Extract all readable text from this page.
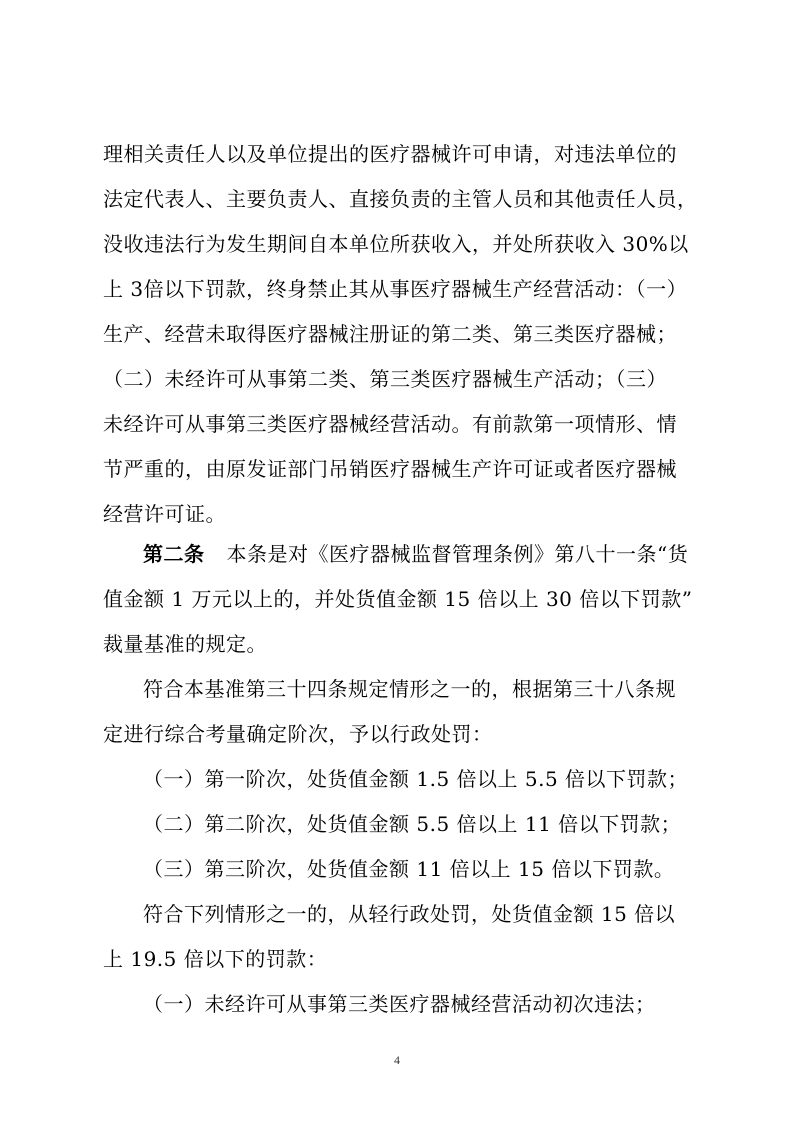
理相关责任人以及单位提出的医疗器械许可申请，对违法单位的
法定代表人、主要负责人、直接负责的主管人员和其他责任人员，
没收违法行为发生期间自本单位所获收入，并处所获收入 30%以
上 3倍以下罚款，终身禁止其从事医疗器械生产经营活动：（一）
生产、经营未取得医疗器械注册证的第二类、第三类医疗器械；
（二）未经许可从事第二类、第三类医疗器械生产活动；（三）
未经许可从事第三类医疗器械经营活动。有前款第一项情形、情
节严重的，由原发证部门吊销医疗器械生产许可证或者医疗器械
经营许可证。
第二条 本条是对《医疗器械监督管理条例》第八十一条“货
值金额 1 万元以上的，并处货值金额 15 倍以上 30 倍以下罚款”
裁量基准的规定。
符合本基准第三十四条规定情形之一的，根据第三十八条规
定进行综合考量确定阶次，予以行政处罚：
（一）第一阶次，处货值金额 1.5 倍以上 5.5 倍以下罚款；
（二）第二阶次，处货值金额 5.5 倍以上 11 倍以下罚款；
（三）第三阶次，处货值金额 11 倍以上 15 倍以下罚款。
符合下列情形之一的，从轻行政处罚，处货值金额 15 倍以
上 19.5 倍以下的罚款：
（一）未经许可从事第三类医疗器械经营活动初次违法；
4
